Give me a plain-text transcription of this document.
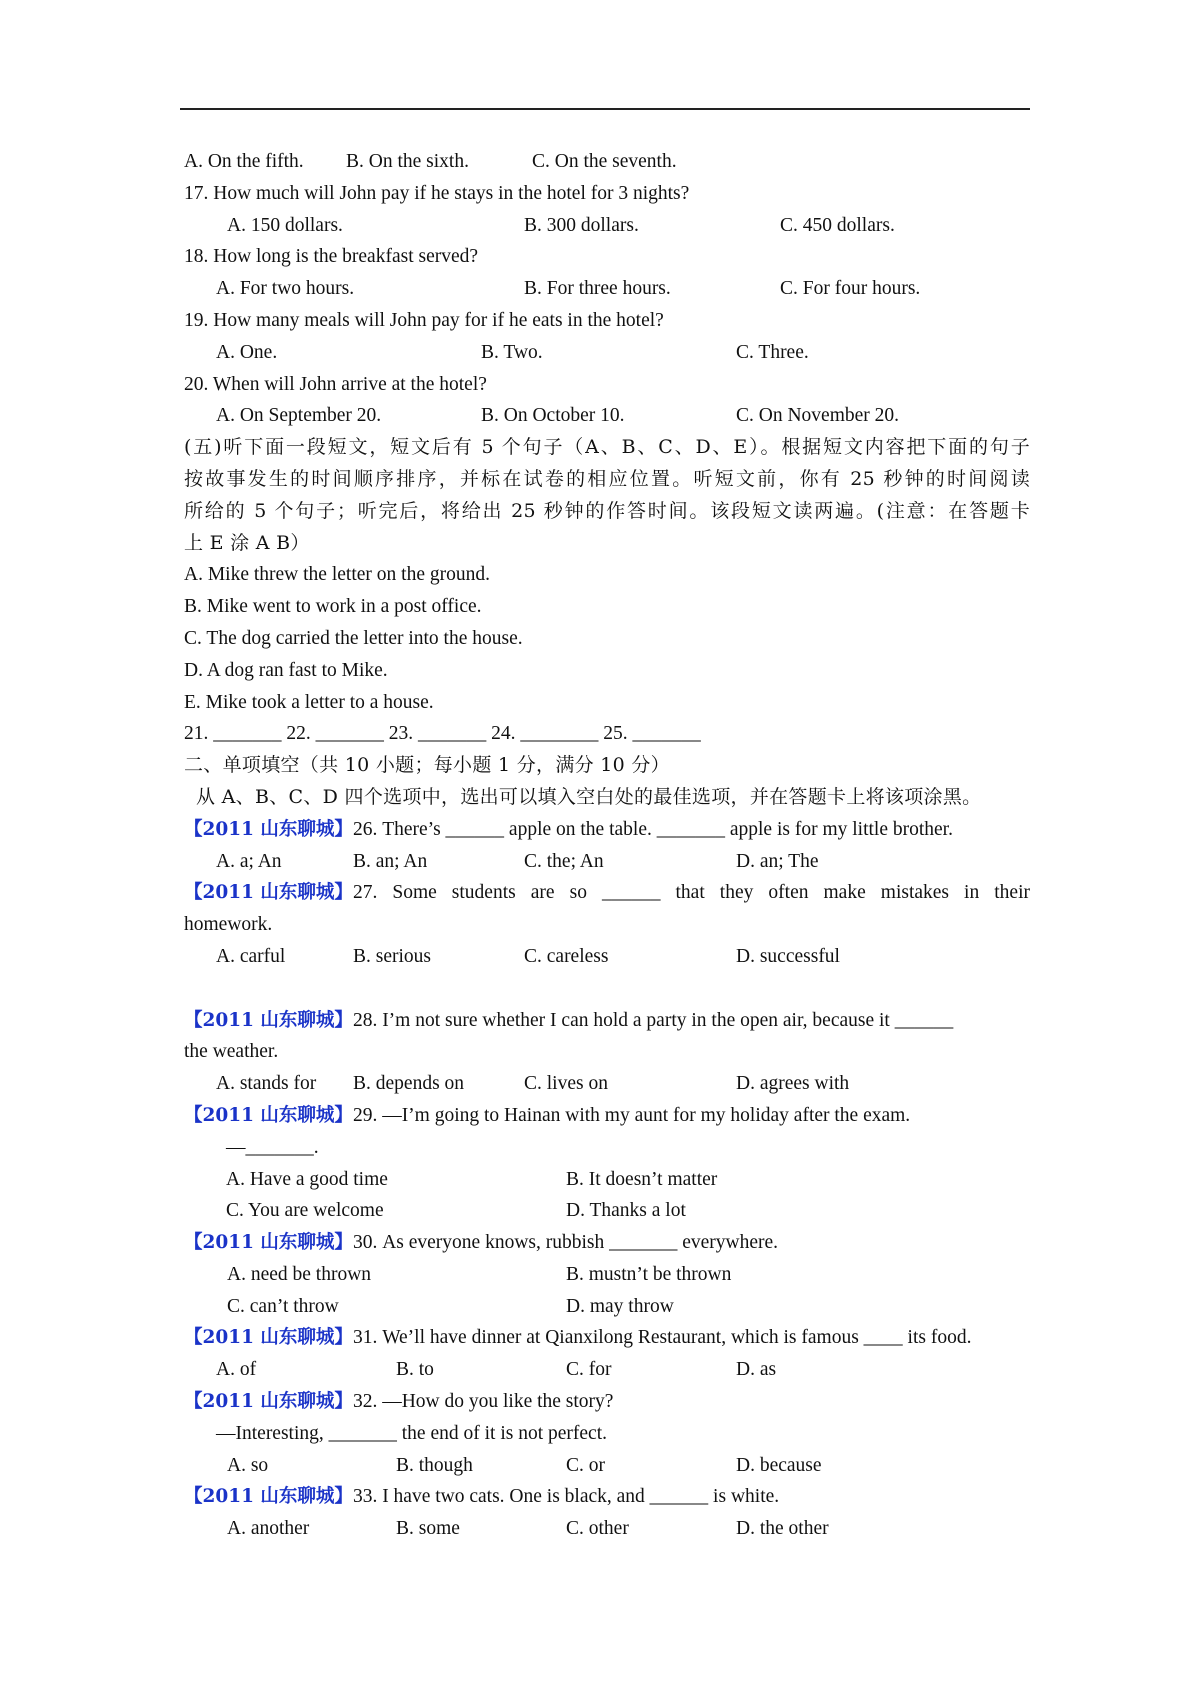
A. On the fifth. B. On the sixth.	C. On the seventh.
17. How much will John pay if he stays in the hotel for 3 nights?
A. 150 dollars.	B. 300 dollars.	C. 450 dollars.
18. How long is the breakfast served?
A. For two hours.	B. For three hours.	C. For four hours.
19. How many meals will John pay for if he eats in the hotel?
A. One.	B. Two.	C. Three.
20. When will John arrive at the hotel?
A. On September 20.	B. On October 10.	C. On November 20.
(五)听下面一段短文，短文后有 5 个句子（A、B、C、D、E）。根据短文内容把下面的句子
按故事发生的时间顺序排序，并标在试卷的相应位置。听短文前，你有 25 秒钟的时间阅读
所给的 5 个句子；听完后，将给出 25 秒钟的作答时间。该段短文读两遍。(注意：在答题卡
上 E 涂 A B）
A. Mike threw the letter on the ground.
B. Mike went to work in a post office.
C. The dog carried the letter into the house.
D. A dog ran fast to Mike.
E. Mike took a letter to a house.
21. _______ 22. _______ 23. _______ 24. ________ 25. _______
二、单项填空（共 10 小题；每小题 1 分，满分 10 分）
从 A、B、C、D 四个选项中，选出可以填入空白处的最佳选项，并在答题卡上将该项涂黑。
【2011 山东聊城】26. There’s ______ apple on the table. _______ apple is for my little brother.
A. a; An	B. an; An	C. the; An	D. an; The
【2011 山东聊城】 27. Some students are so ______ that they often make mistakes in their
homework.
A. carful	B. serious	C. careless	D. successful
【2011 山东聊城】28. I’m not sure whether I can hold a party in the open air, because it ______
the weather.
A. stands for B. depends on	C. lives on	D. agrees with
【2011 山东聊城】29. —I’m going to Hainan with my aunt for my holiday after the exam.
—_______.
A. Have a good time	B. It doesn’t matter
C. You are welcome	D. Thanks a lot
【2011 山东聊城】30. As everyone knows, rubbish _______ everywhere.
A. need be thrown	B. mustn’t be thrown
C. can’t throw	D. may throw
【2011 山东聊城】31. We’ll have dinner at Qianxilong Restaurant, which is famous ____ its food.
A. of	B. to	C. for	D. as
【2011 山东聊城】32. —How do you like the story?
—Interesting, _______ the end of it is not perfect.
A. so	B. though	C. or	D. because
【2011 山东聊城】33. I have two cats. One is black, and ______ is white.
A. another	B. some	C. other	D. the other
